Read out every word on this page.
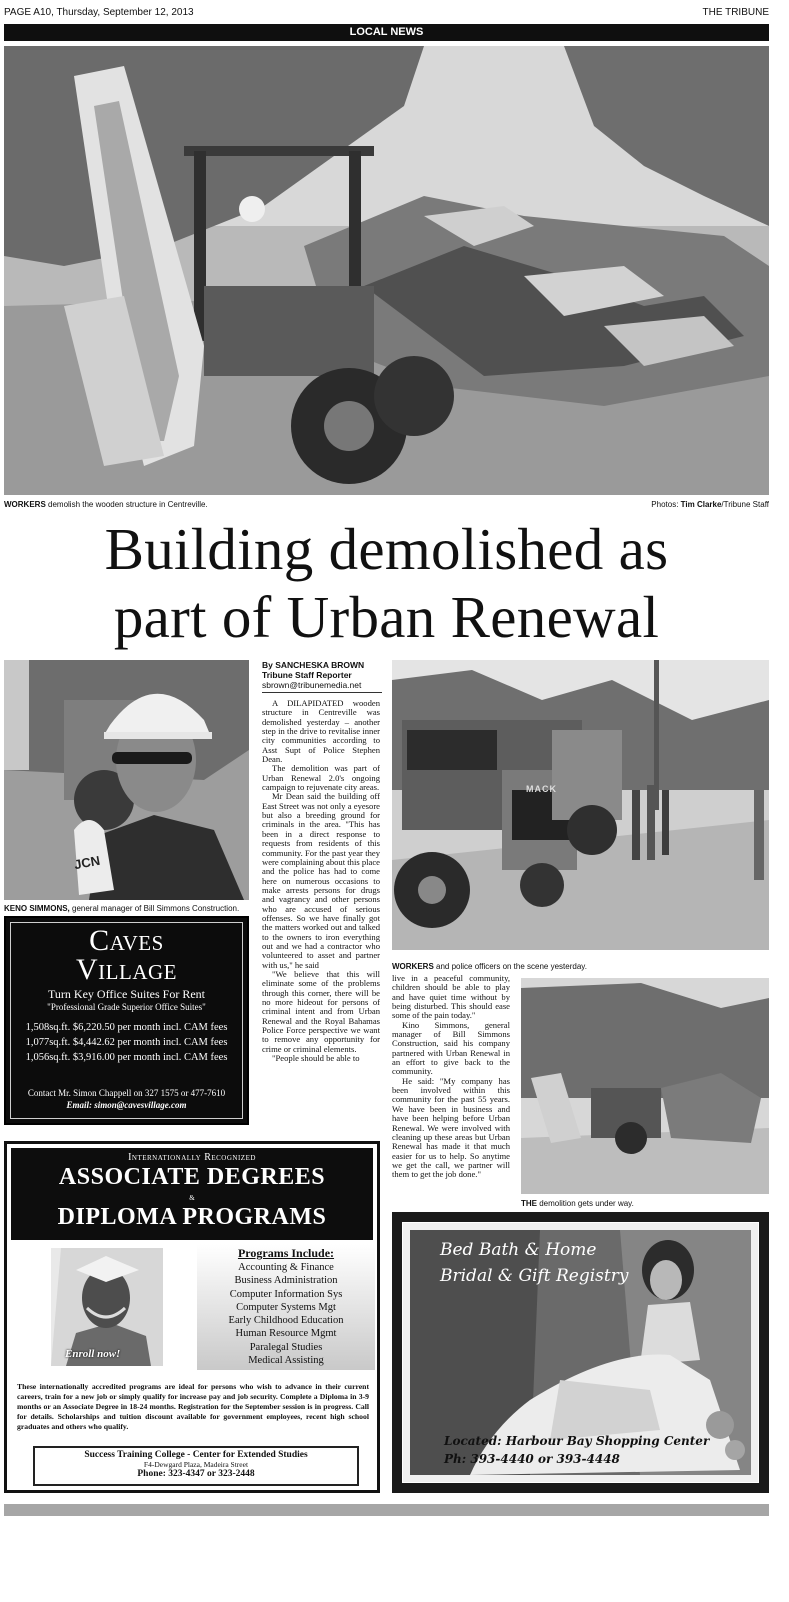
PAGE A10, Thursday, September 12, 2013	THE TRIBUNE
LOCAL NEWS
WORKERS demolish the wooden structure in Centreville.	Photos: Tim Clarke/Tribune Staff
Building demolished as
part of Urban Renewal
JCN
KENO SIMMONS, general manager of Bill Simmons Construction.
Caves
Village
Turn Key Office Suites For Rent
"Professional Grade Superior Office Suites"
1,508sq.ft. $6,220.50 per month incl. CAM fees
1,077sq.ft. $4,442.62 per month incl. CAM fees
1,056sq.ft. $3,916.00 per month incl. CAM fees
Contact Mr. Simon Chappell on 327 1575 or 477-7610
Email: simon@cavesvillage.com
By SANCHESKA BROWN
Tribune Staff Reporter
sbrown@tribunemedia.net

A DILAPIDATED wooden structure in Centreville was demolished yesterday – another step in the drive to revitalise inner city communities according to Asst Supt of Police Stephen Dean.

The demolition was part of Urban Renewal 2.0's ongoing campaign to rejuvenate city areas.

Mr Dean said the building off East Street was not only a eyesore but also a breeding ground for criminals in the area. "This has been in a direct response to requests from residents of this community. For the past year they were complaining about this place and the police has had to come here on numerous occasions to make arrests persons for drugs and vagrancy and other persons who are accused of serious offenses. So we have finally got the matters worked out and talked to the owners to iron everything out and we had a contractor who volunteered to asset and partner with us," he said

"We believe that this will eliminate some of the problems through this corner, there will be no more hideout for persons of criminal intent and from Urban Renewal and the Royal Bahamas Police Force perspective we want to remove any opportunity for crime or criminal elements.

"People should be able to

MACK
WORKERS and police officers on the scene yesterday.

live in a peaceful community, children should be able to play and have quiet time without by being disturbed. This should ease some of the pain today."

Kino Simmons, general manager of Bill Simmons Construction, said his company partnered with Urban Renewal in an effort to give back to the community.

He said: "My company has been involved within this community for the past 55 years. We have been in business and have been helping before Urban Renewal. We were involved with cleaning up these areas but Urban Renewal has made it that much easier for us to help. So anytime we get the call, we partner will them to get the job done."

THE demolition gets under way.
Internationally Recognized
ASSOCIATE DEGREES
&
DIPLOMA PROGRAMS
Enroll now!
Programs Include:
Accounting & Finance
Business Administration
Computer Information Sys
Computer Systems Mgt
Early Childhood Education
Human Resource Mgmt
Paralegal Studies
Medical Assisting
These internationally accredited programs are ideal for persons who wish to advance in their current careers, train for a new job or simply qualify for increase pay and job security. Complete a Diploma in 3-9 months or an Associate Degree in 18-24 months. Registration for the September session is in progress. Call for details. Scholarships and tuition discount available for government employees, recent high school graduates and others who qualify.
Success Training College - Center for Extended Studies
F4-Dewgard Plaza, Madeira Street
Phone: 323-4347 or 323-2448
Bed Bath & Home
Bridal & Gift Registry
Located: Harbour Bay Shopping Center
Ph: 393-4440 or 393-4448
